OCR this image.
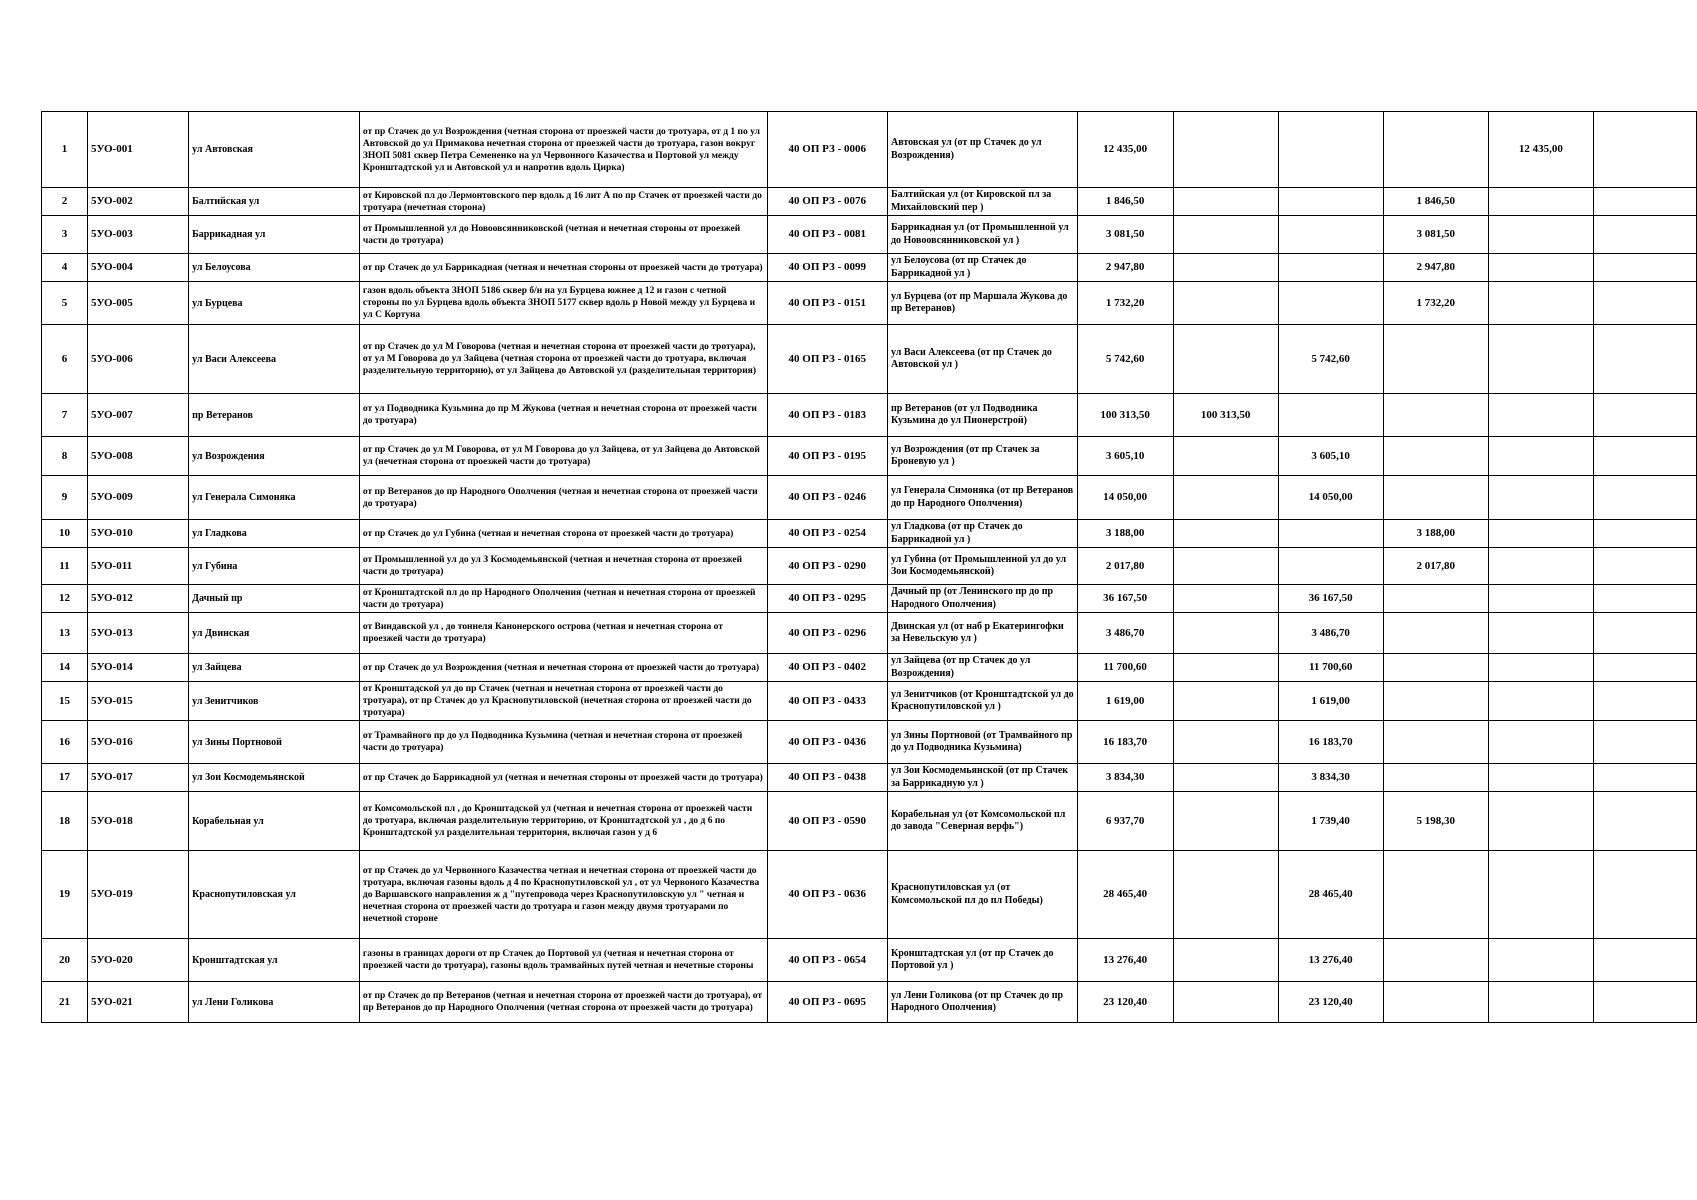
1	5УО-001	ул Автовская	от пр Стачек до ул Возрождения (четная сторона от проезжей части до тротуара, от д 1 по ул Автовской до ул Примакова нечетная сторона от проезжей части до тротуара, газон вокруг ЗНОП 5081 сквер Петра Семененко на ул Червонного Казачества и Портовой ул между Кронштадтской ул и Автовской ул и напротив вдоль Цирка)	40 ОП РЗ - 0006	Автовская ул (от пр Стачек до ул Возрождения)	12 435,00				12 435,00	
2	5УО-002	Балтийская ул	от Кировской пл до Лермонтовского пер вдоль д 16 лит А по пр Стачек от проезжей части до тротуара (нечетная сторона)	40 ОП РЗ - 0076	Балтийская ул (от Кировской пл за Михайловский пер )	1 846,50			1 846,50		
3	5УО-003	Баррикадная ул	от Промышленной ул до Новоовсянниковской (четная и нечетная стороны от проезжей части до тротуара)	40 ОП РЗ - 0081	Баррикадная ул (от Промышленной ул до Новоовсянниковской ул )	3 081,50			3 081,50		
4	5УО-004	ул Белоусова	от пр Стачек до ул Баррикадная (четная и нечетная стороны от проезжей части до тротуара)	40 ОП РЗ - 0099	ул Белоусова (от пр Стачек до Баррикадной ул )	2 947,80			2 947,80		
5	5УО-005	ул Бурцева	газон вдоль объекта ЗНОП 5186 сквер б/н на ул Бурцева южнее д 12 и газон с четной стороны по ул Бурцева вдоль объекта ЗНОП 5177 сквер вдоль р Новой между ул Бурцева и ул С Кортуна	40 ОП РЗ - 0151	ул Бурцева (от пр Маршала Жукова до пр Ветеранов)	1 732,20			1 732,20		
6	5УО-006	ул Васи Алексеева	от пр Стачек до ул М Говорова (четная и нечетная сторона от проезжей части до тротуара), от ул М Говорова до ул Зайцева (четная сторона от проезжей части до тротуара, включая разделительную территорию), от ул Зайцева до Автовской ул (разделительная территория)	40 ОП РЗ - 0165	ул Васи Алексеева (от пр Стачек до Автовской ул )	5 742,60		5 742,60			
7	5УО-007	пр Ветеранов	от ул Подводника Кузьмина до пр М Жукова (четная и нечетная сторона от проезжей части до тротуара)	40 ОП РЗ - 0183	пр Ветеранов (от ул Подводника Кузьмина до ул Пионерстрой)	100 313,50	100 313,50				
8	5УО-008	ул Возрождения	от пр Стачек до ул М Говорова, от ул М Говорова до ул Зайцева, от ул Зайцева до Автовской ул (нечетная сторона от проезжей части до тротуара)	40 ОП РЗ - 0195	ул Возрождения (от пр Стачек за Броневую ул )	3 605,10		3 605,10			
9	5УО-009	ул Генерала Симоняка	от пр Ветеранов до пр Народного Ополчения (четная и нечетная сторона от проезжей части до тротуара)	40 ОП РЗ - 0246	ул Генерала Симоняка (от пр Ветеранов до пр Народного Ополчения)	14 050,00		14 050,00			
10	5УО-010	ул Гладкова	от пр Стачек до ул Губина (четная и нечетная сторона от проезжей части до тротуара)	40 ОП РЗ - 0254	ул Гладкова (от пр Стачек до Баррикадной ул )	3 188,00			3 188,00		
11	5УО-011	ул Губина	от Промышленной ул до ул З Космодемьянской (четная и нечетная сторона от проезжей части до тротуара)	40 ОП РЗ - 0290	ул Губина (от Промышленной ул до ул Зои Космодемьянской)	2 017,80			2 017,80		
12	5УО-012	Дачный пр	от Кронштадтской пл до пр Народного Ополчения (четная и нечетная сторона от проезжей части до тротуара)	40 ОП РЗ - 0295	Дачный пр (от Ленинского пр до пр Народного Ополчения)	36 167,50		36 167,50			
13	5УО-013	ул Двинская	от Виндавской ул , до тоннеля Канонерского острова (четная и нечетная сторона от проезжей части до тротуара)	40 ОП РЗ - 0296	Двинская ул (от наб р Екатерингофки за Невельскую ул )	3 486,70		3 486,70			
14	5УО-014	ул Зайцева	от пр Стачек до ул Возрождения (четная и нечетная сторона от проезжей части до тротуара)	40 ОП РЗ - 0402	ул Зайцева (от пр Стачек до ул Возрождения)	11 700,60		11 700,60			
15	5УО-015	ул Зенитчиков	от Кронштадской ул до пр Стачек (четная и нечетная сторона от проезжей части до тротуара), от пр Стачек до ул Краснопутиловской (нечетная сторона от проезжей части до тротуара)	40 ОП РЗ - 0433	ул Зенитчиков (от Кронштадтской ул до Краснопутиловской ул )	1 619,00		1 619,00			
16	5УО-016	ул Зины Портновой	от Трамвайного пр до ул Подводника Кузьмина (четная и нечетная сторона от проезжей части до тротуара)	40 ОП РЗ - 0436	ул Зины Портновой (от Трамвайного пр до ул Подводника Кузьмина)	16 183,70		16 183,70			
17	5УО-017	ул Зои Космодемьянской	от пр Стачек до Баррикадной ул (четная и нечетная стороны от проезжей части до тротуара)	40 ОП РЗ - 0438	ул Зои Космодемьянской (от пр Стачек за Баррикадную ул )	3 834,30		3 834,30			
18	5УО-018	Корабельная ул	от Комсомольской пл , до Кронштадской ул (четная и нечетная сторона от проезжей части до тротуара, включая разделительную территорию, от Кронштадтской ул , до д 6 по Кронштадтской ул разделительная территория, включая газон у д 6	40 ОП РЗ - 0590	Корабельная ул (от Комсомольской пл до завода "Северная верфь")	6 937,70		1 739,40	5 198,30		
19	5УО-019	Краснопутиловская ул	от пр Стачек до ул Червонного Казачества четная и нечетная сторона от проезжей части до тротуара, включая газоны вдоль д 4 по Краснопутиловской ул , от ул Червоного Казачества до Варшавского направления ж д "путепровода через Краснопутиловскую ул " четная и нечетная сторона от проезжей части до тротуара и газон между двумя тротуарами по нечетной стороне	40 ОП РЗ - 0636	Краснопутиловская ул (от Комсомольской пл до пл Победы)	28 465,40		28 465,40			
20	5УО-020	Кронштадтская ул	газоны в границах дороги от пр Стачек до Портовой ул (четная и нечетная сторона от проезжей части до тротуара), газоны вдоль трамвайных путей четная и нечетные стороны	40 ОП РЗ - 0654	Кронштадтская ул (от пр Стачек до Портовой ул )	13 276,40		13 276,40			
21	5УО-021	ул Лени Голикова	от пр Стачек до пр Ветеранов (четная и нечетная сторона от проезжей части до тротуара), от пр Ветеранов до пр Народного Ополчения (четная сторона от проезжей части до тротуара)	40 ОП РЗ - 0695	ул Лени Голикова (от пр Стачек до пр Народного Ополчения)	23 120,40		23 120,40			
